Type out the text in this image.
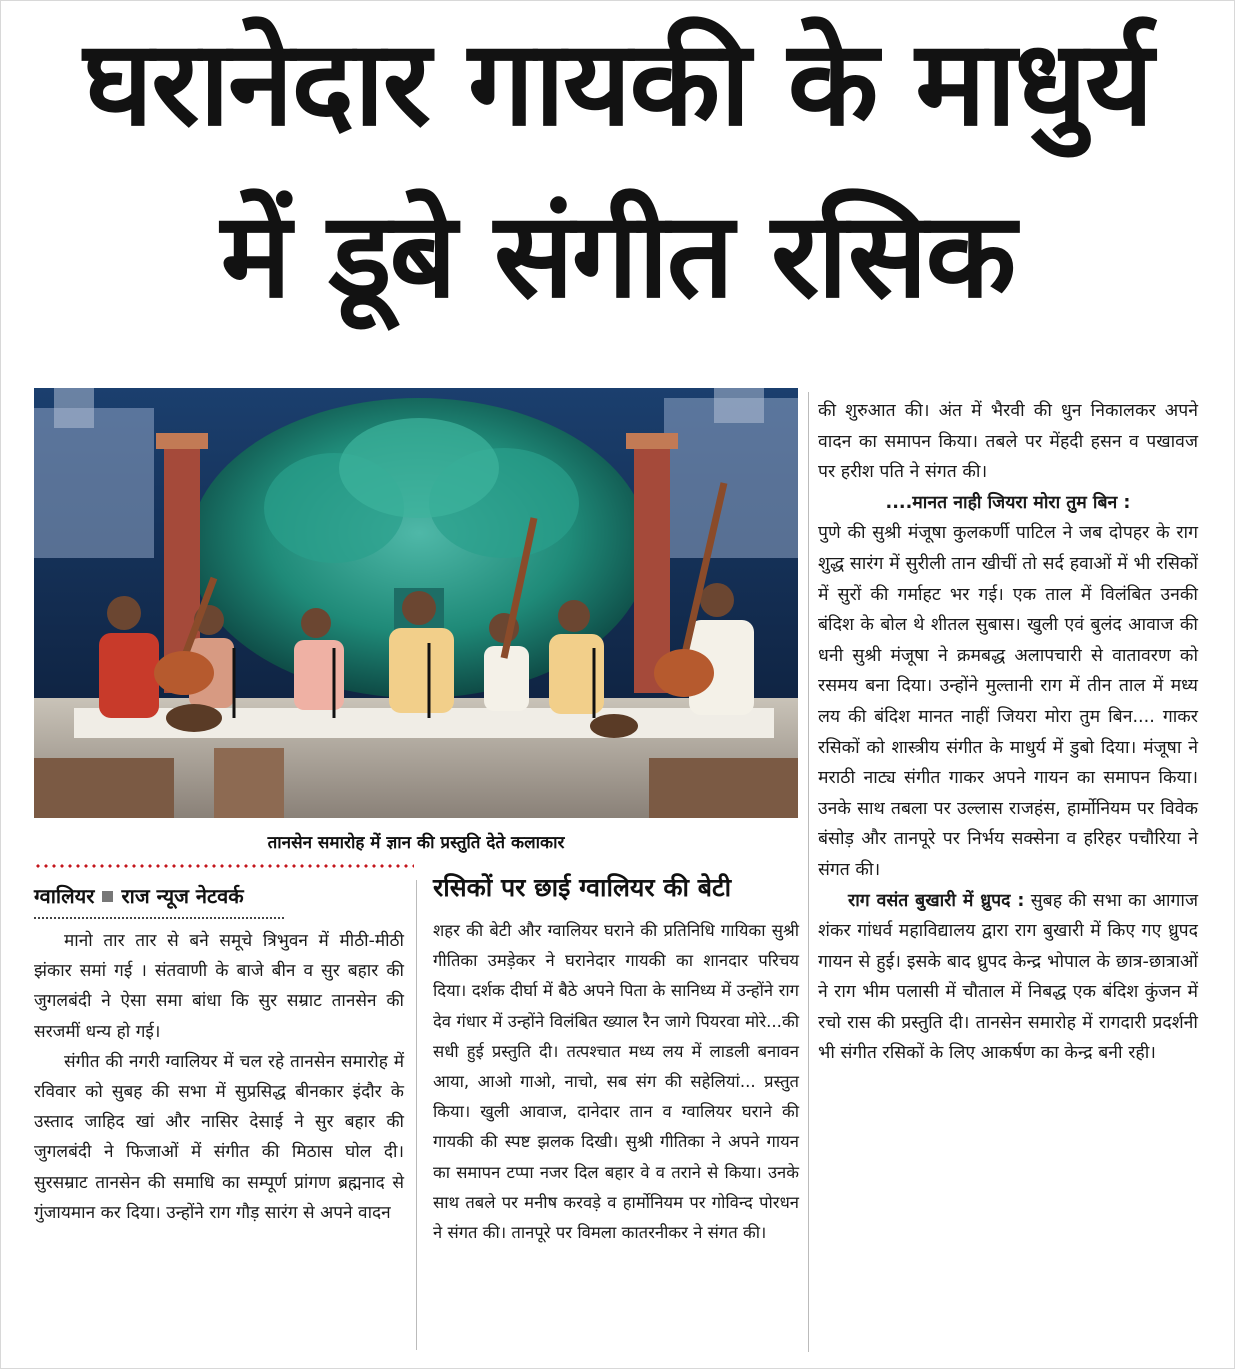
घरानेदार गायकी के माधुर्य
में डूबे संगीत रसिक
तानसेन समारोह में ज्ञान की प्रस्तुति देते कलाकार
ग्वालियर राज न्यूज नेटवर्क

मानो तार तार से बने समूचे त्रिभुवन में मीठी-मीठी झंकार समां गई । संतवाणी के बाजे बीन व सुर बहार की जुगलबंदी ने ऐसा समा बांधा कि सुर सम्राट तानसेन की सरजमीं धन्य हो गई।

संगीत की नगरी ग्वालियर में चल रहे तानसेन समारोह में रविवार को सुबह की सभा में सुप्रसिद्ध बीनकार इंदौर के उस्ताद जाहिद खां और नासिर देसाई ने सुर बहार की जुगलबंदी ने फिजाओं में संगीत की मिठास घोल दी। सुरसम्राट तानसेन की समाधि का सम्पूर्ण प्रांगण ब्रह्मनाद से गुंजायमान कर दिया। उन्होंने राग गौड़ सारंग से अपने वादन

रसिकों पर छाई ग्वालियर की बेटी

शहर की बेटी और ग्वालियर घराने की प्रतिनिधि गायिका सुश्री गीतिका उमड़ेकर ने घरानेदार गायकी का शानदार परिचय दिया। दर्शक दीर्घा में बैठे अपने पिता के सानिध्य में उन्होंने राग देव गंधार में उन्होंने विलंबित ख्याल रैन जागे पियरवा मोरे...की सधी हुई प्रस्तुति दी। तत्पश्चात मध्य लय में लाडली बनावन आया, आओ गाओ, नाचो, सब संग की सहेलियां... प्रस्तुत किया। खुली आवाज, दानेदार तान व ग्वालियर घराने की गायकी की स्पष्ट झलक दिखी। सुश्री गीतिका ने अपने गायन का समापन टप्पा नजर दिल बहार वे व तराने से किया। उनके साथ तबले पर मनीष करवड़े व हार्मोनियम पर गोविन्द पोरधन ने संगत की। तानपूरे पर विमला कातरनीकर ने संगत की।

की शुरुआत की। अंत में भैरवी की धुन निकालकर अपने वादन का समापन किया। तबले पर मेंहदी हसन व पखावज पर हरीश पति ने संगत की।

....मानत नाही जियरा मोरा तुम बिन :

पुणे की सुश्री मंजूषा कुलकर्णी पाटिल ने जब दोपहर के राग शुद्ध सारंग में सुरीली तान खीचीं तो सर्द हवाओं में भी रसिकों में सुरों की गर्माहट भर गई। एक ताल में विलंबित उनकी बंदिश के बोल थे शीतल सुबास। खुली एवं बुलंद आवाज की धनी सुश्री मंजूषा ने क्रमबद्ध अलापचारी से वातावरण को रसमय बना दिया। उन्होंने मुल्तानी राग में तीन ताल में मध्य लय की बंदिश मानत नाहीं जियरा मोरा तुम बिन.... गाकर रसिकों को शास्त्रीय संगीत के माधुर्य में डुबो दिया। मंजूषा ने मराठी नाट्य संगीत गाकर अपने गायन का समापन किया। उनके साथ तबला पर उल्लास राजहंस, हार्मोनियम पर विवेक बंसोड़ और तानपूरे पर निर्भय सक्सेना व हरिहर पचौरिया ने संगत की।

राग वसंत बुखारी में ध्रुपद : सुबह की सभा का आगाज शंकर गांधर्व महाविद्यालय द्वारा राग बुखारी में किए गए ध्रुपद गायन से हुई। इसके बाद ध्रुपद केन्द्र भोपाल के छात्र-छात्राओं ने राग भीम पलासी में चौताल में निबद्ध एक बंदिश कुंजन में रचो रास की प्रस्तुति दी। तानसेन समारोह में रागदारी प्रदर्शनी भी संगीत रसिकों के लिए आकर्षण का केन्द्र बनी रही।
